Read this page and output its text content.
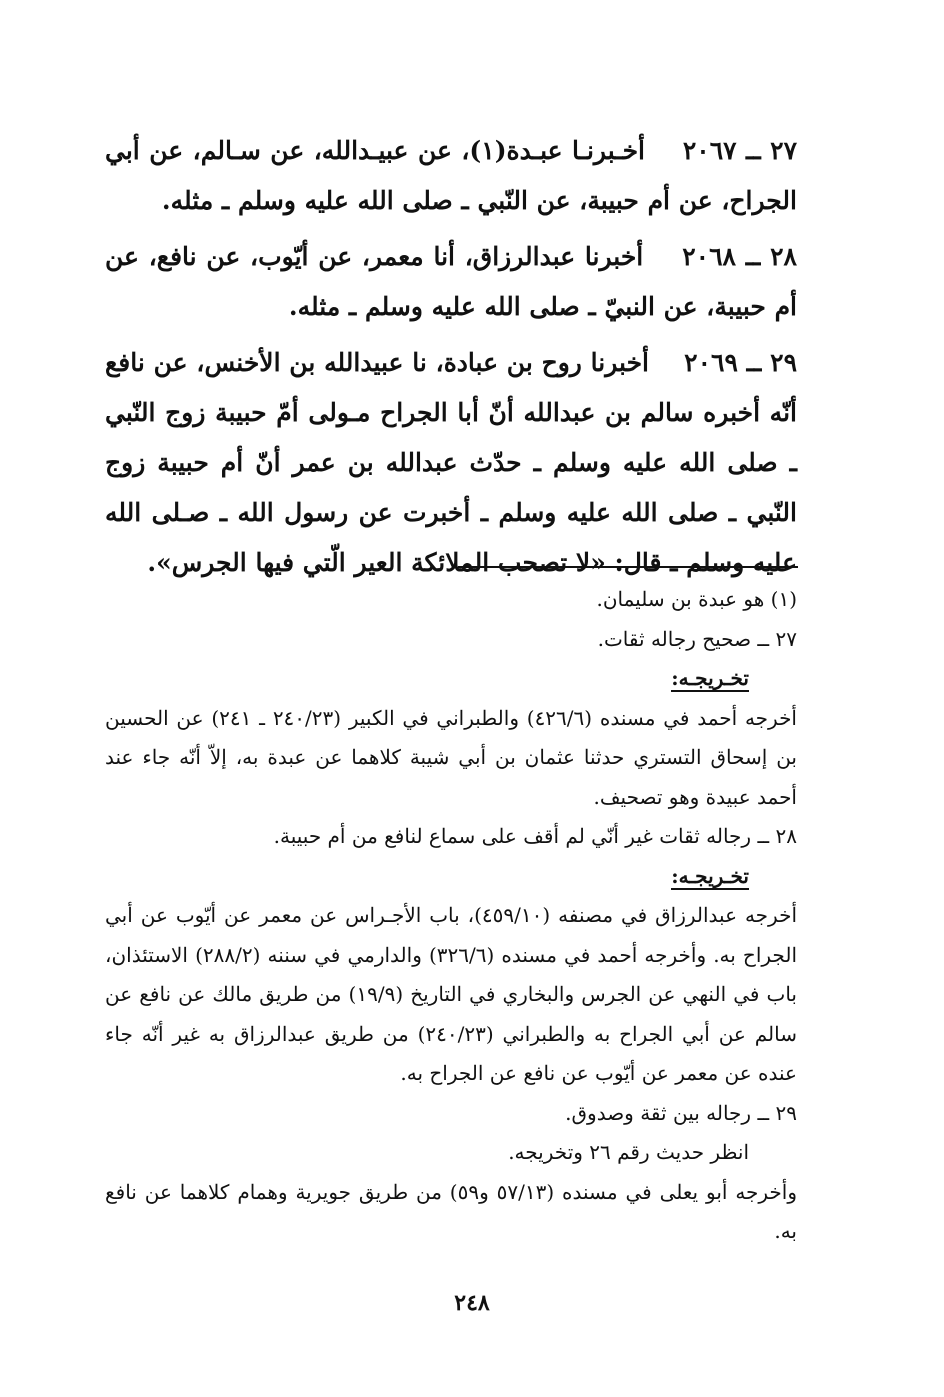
٢٧ ــ ٢٠٦٧    أخـبرنـا عبـدة(١)، عن عبيـدالله، عن سـالم، عن أبي الجراح، عن أم حبيبة، عن النّبي ـ صلى الله عليه وسلم ـ مثله.

٢٨ ــ ٢٠٦٨    أخبرنا عبدالرزاق، أنا معمر، عن أيّوب، عن نافع، عن أم حبيبة، عن النبيّ ـ صلى الله عليه وسلم ـ مثله.

٢٩ ــ ٢٠٦٩    أخبرنا روح بن عبادة، نا عبيدالله بن الأخنس، عن نافع أنّه أخبره سالم بن عبدالله أنّ أبا الجراح مـولى أمّ حبيبة زوج النّبي ـ صلى الله عليه وسلم ـ حدّث عبدالله بن عمر أنّ أم حبيبة زوج النّبي ـ صلى الله عليه وسلم ـ أخبرت عن رسول الله ـ صـلى الله عليه وسلم ـ قال: «لا تصحب الملائكة العير الّتي فيها الجرس».

(١) هو عبدة بن سليمان.

٢٧ ــ صحيح رجاله ثقات.

تخـريجـه:

أخرجه أحمد في مسنده (٤٢٦/٦) والطبراني في الكبير (٢٤٠/٢٣ ـ ٢٤١) عن الحسين بن إسحاق التستري حدثنا عثمان بن أبي شيبة كلاهما عن عبدة به، إلاّ أنّه جاء عند أحمد عبيدة وهو تصحيف.

٢٨ ــ رجاله ثقات غير أنّي لم أقف على سماع لنافع من أم حبيبة.

تخـريجـه:

أخرجه عبدالرزاق في مصنفه (٤٥٩/١٠)، باب الأجـراس عن معمر عن أيّوب عن أبي الجراح به. وأخرجه أحمد في مسنده (٣٢٦/٦) والدارمي في سننه (٢٨٨/٢) الاستئذان، باب في النهي عن الجرس والبخاري في التاريخ (١٩/٩) من طريق مالك عن نافع عن سالم عن أبي الجراح به والطبراني (٢٤٠/٢٣) من طريق عبدالرزاق به غير أنّه جاء عنده عن معمر عن أيّوب عن نافع عن الجراح به.

٢٩ ــ رجاله بين ثقة وصدوق.

انظر حديث رقم ٢٦ وتخريجه.

وأخرجه أبو يعلى في مسنده (٥٧/١٣ و٥٩) من طريق جويرية وهمام كلاهما عن نافع به.

٢٤٨
